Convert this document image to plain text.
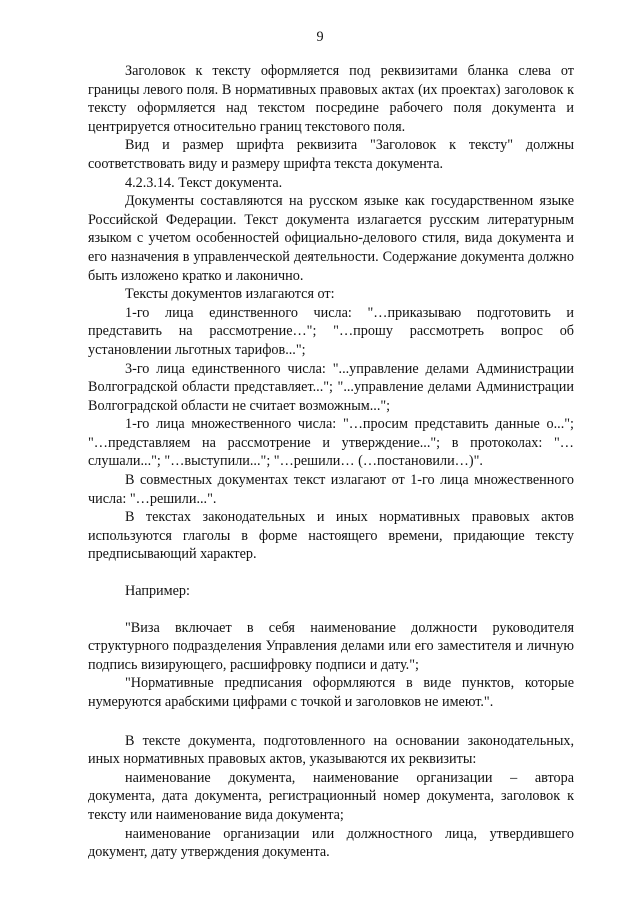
9

Заголовок к тексту оформляется под реквизитами бланка слева от границы левого поля. В нормативных правовых актах (их проектах) заголовок к тексту оформляется над текстом посредине рабочего поля документа и центрируется относительно границ текстового поля.

Вид и размер шрифта реквизита "Заголовок к тексту" должны соответствовать виду и размеру шрифта текста документа.

4.2.3.14. Текст документа.

Документы составляются на русском языке как государственном языке Российской Федерации. Текст документа излагается русским литературным языком с учетом особенностей официально-делового стиля, вида документа и его назначения в управленческой деятельности. Содержание документа должно быть изложено кратко и лаконично.

Тексты документов излагаются от:

1-го лица единственного числа: "…приказываю подготовить и представить на рассмотрение…"; "…прошу рассмотреть вопрос об установлении льготных тарифов...";

3-го лица единственного числа: "...управление делами Администрации Волгоградской области представляет..."; "...управление делами Администрации Волгоградской области не считает возможным...";

1-го лица множественного числа: "…просим представить данные о..."; "…представляем на рассмотрение и утверждение..."; в протоколах: "…слушали..."; "…выступили..."; "…решили… (…постановили…)".

В совместных документах текст излагают от 1-го лица множественного числа: "…решили...".

В текстах законодательных и иных нормативных правовых актов используются глаголы в форме настоящего времени, придающие тексту предписывающий характер.

Например:

"Виза включает в себя наименование должности руководителя структурного подразделения Управления делами или его заместителя и личную подпись визирующего, расшифровку подписи и дату.";

"Нормативные предписания оформляются в виде пунктов, которые нумеруются арабскими цифрами с точкой и заголовков не имеют.".

В тексте документа, подготовленного на основании законодательных, иных нормативных правовых актов, указываются их реквизиты:

наименование документа, наименование организации – автора документа, дата документа, регистрационный номер документа, заголовок к тексту или наименование вида документа;

наименование организации или должностного лица, утвердившего документ, дату утверждения документа.
